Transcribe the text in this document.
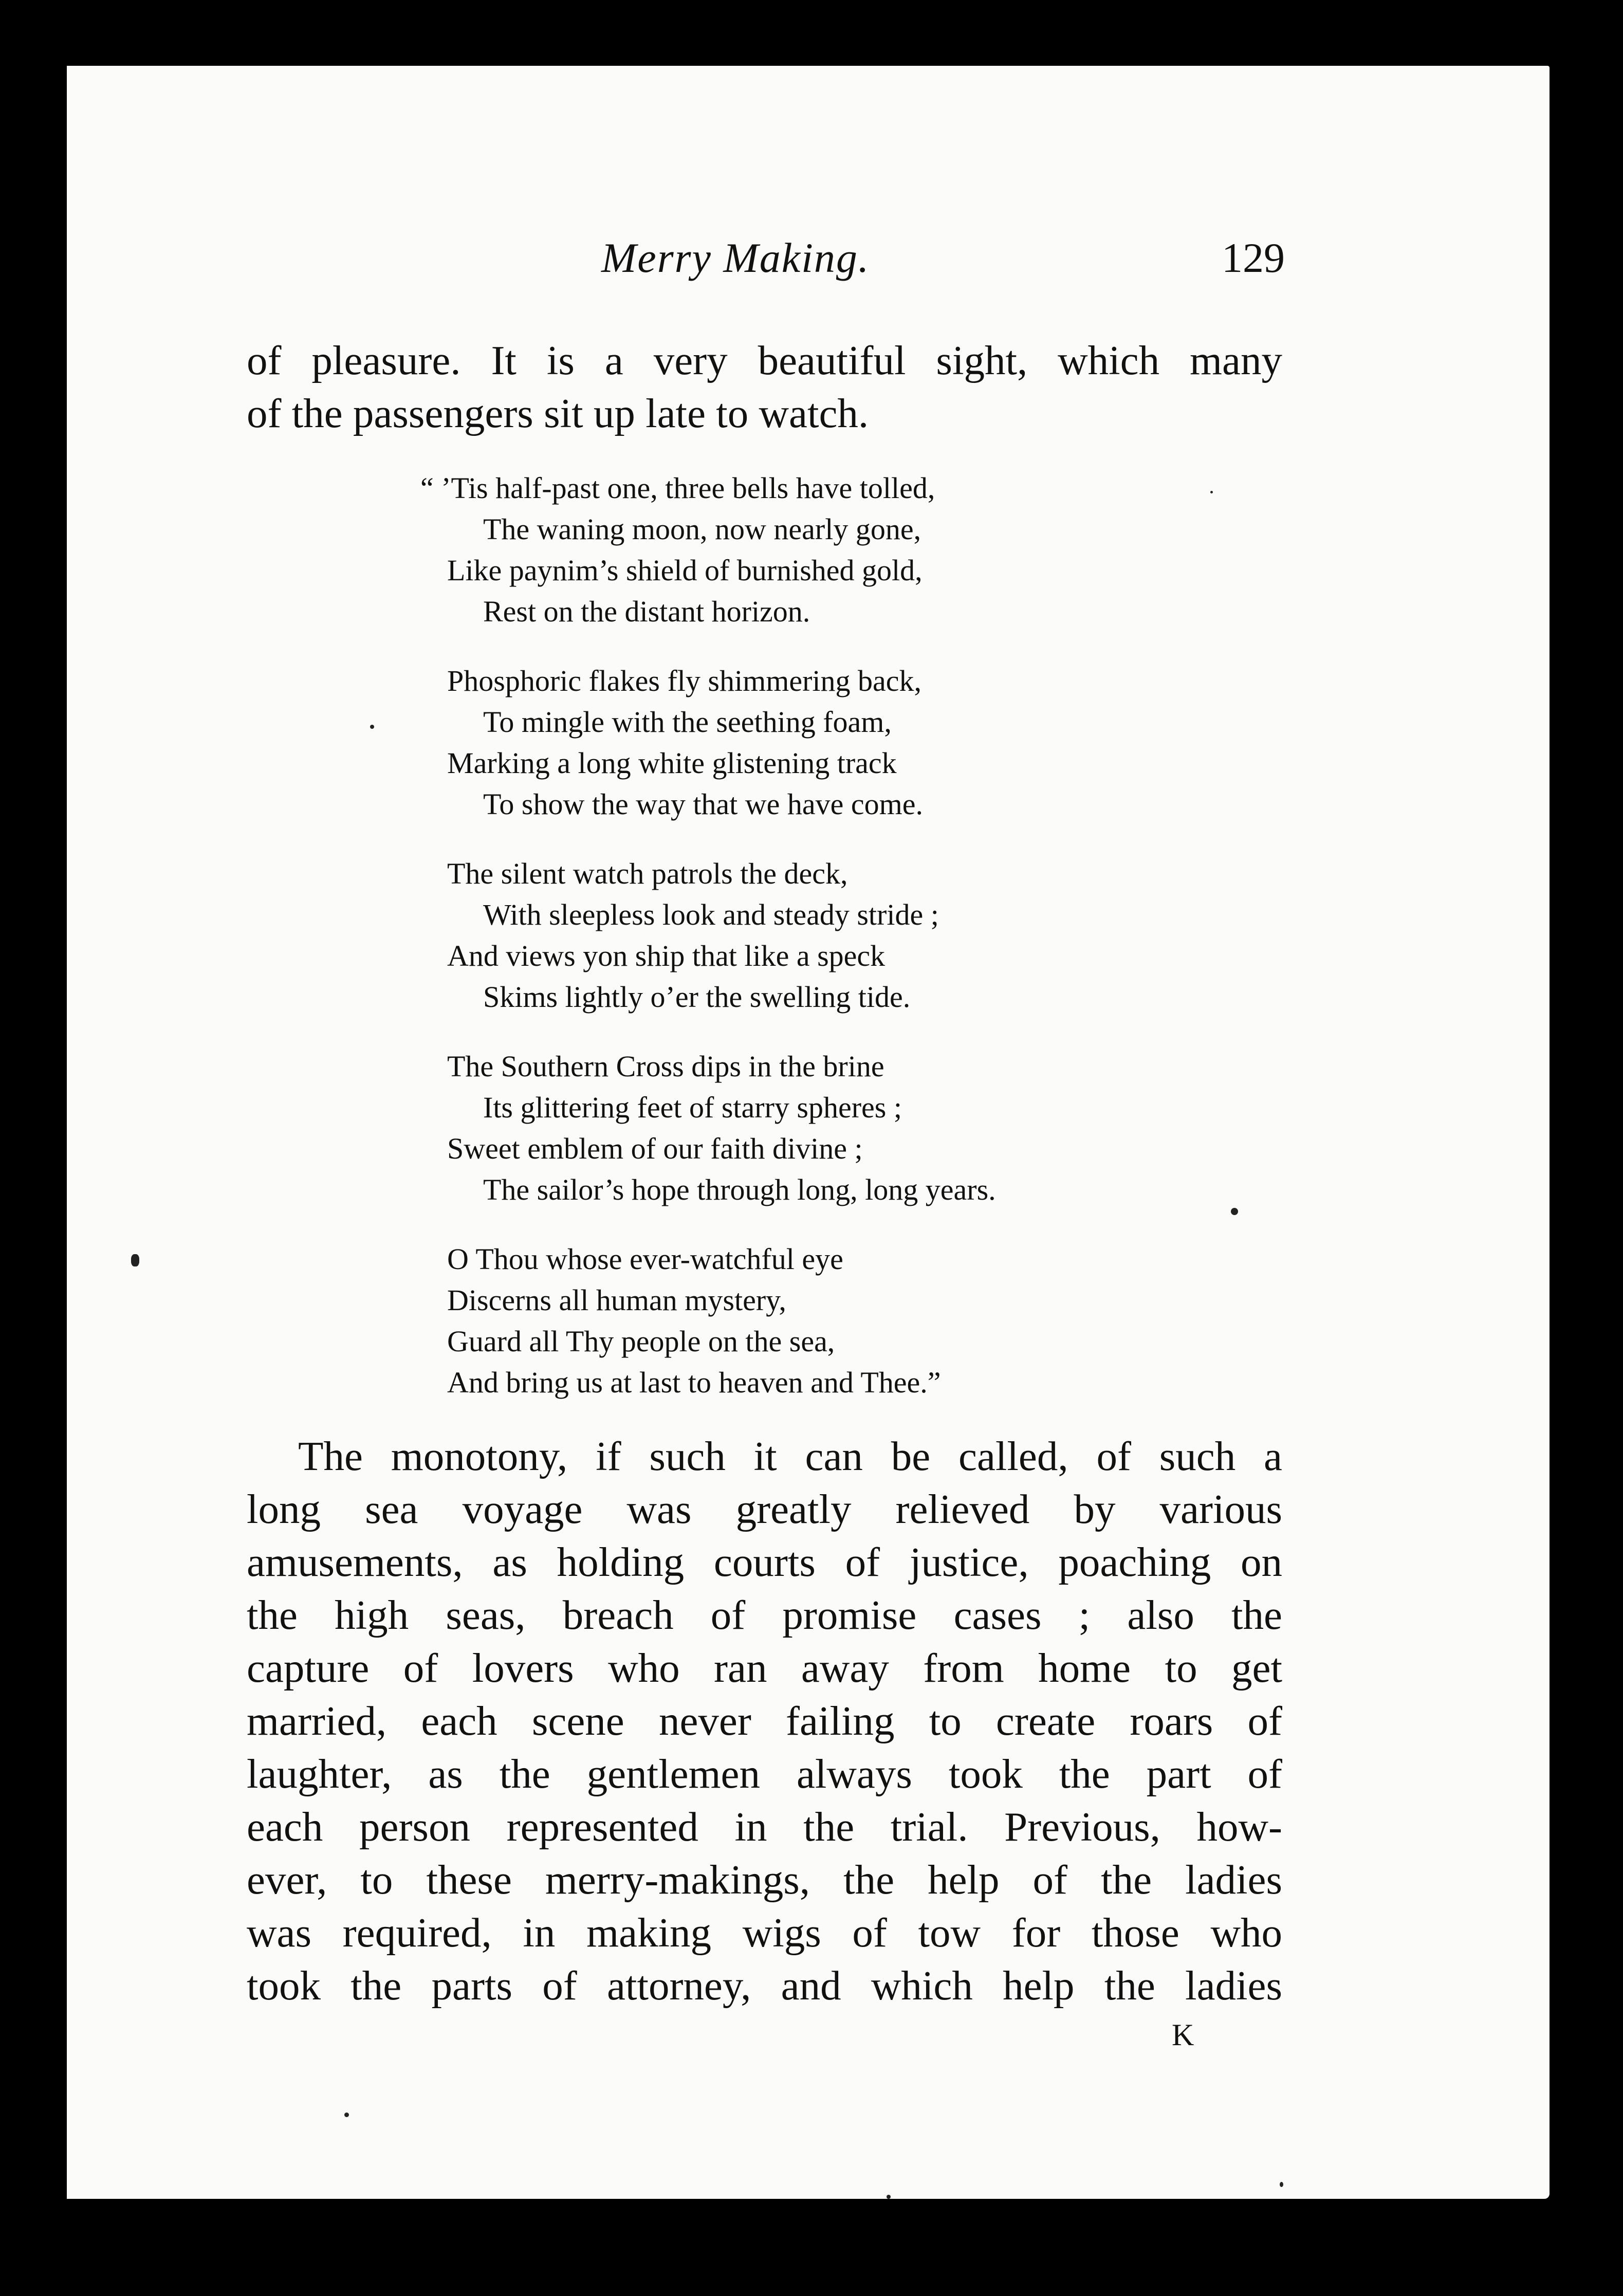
Merry Making.	129
of pleasure. It is a very beautiful sight, which many
of the passengers sit up late to watch.
“ ’Tis half-past one, three bells have tolled,
The waning moon, now nearly gone,
Like paynim’s shield of burnished gold,
Rest on the distant horizon.
Phosphoric flakes fly shimmering back,
To mingle with the seething foam,
Marking a long white glistening track
To show the way that we have come.
The silent watch patrols the deck,
With sleepless look and steady stride ;
And views yon ship that like a speck
Skims lightly o’er the swelling tide.
The Southern Cross dips in the brine
Its glittering feet of starry spheres ;
Sweet emblem of our faith divine ;
The sailor’s hope through long, long years.
O Thou whose ever-watchful eye
Discerns all human mystery,
Guard all Thy people on the sea,
And bring us at last to heaven and Thee.”
The monotony, if such it can be called, of such a
long sea voyage was greatly relieved by various
amusements, as holding courts of justice, poaching on
the high seas, breach of promise cases ; also the
capture of lovers who ran away from home to get
married, each scene never failing to create roars of
laughter, as the gentlemen always took the part of
each person represented in the trial. Previous, how-
ever, to these merry-makings, the help of the ladies
was required, in making wigs of tow for those who
took the parts of attorney, and which help the ladies
K
